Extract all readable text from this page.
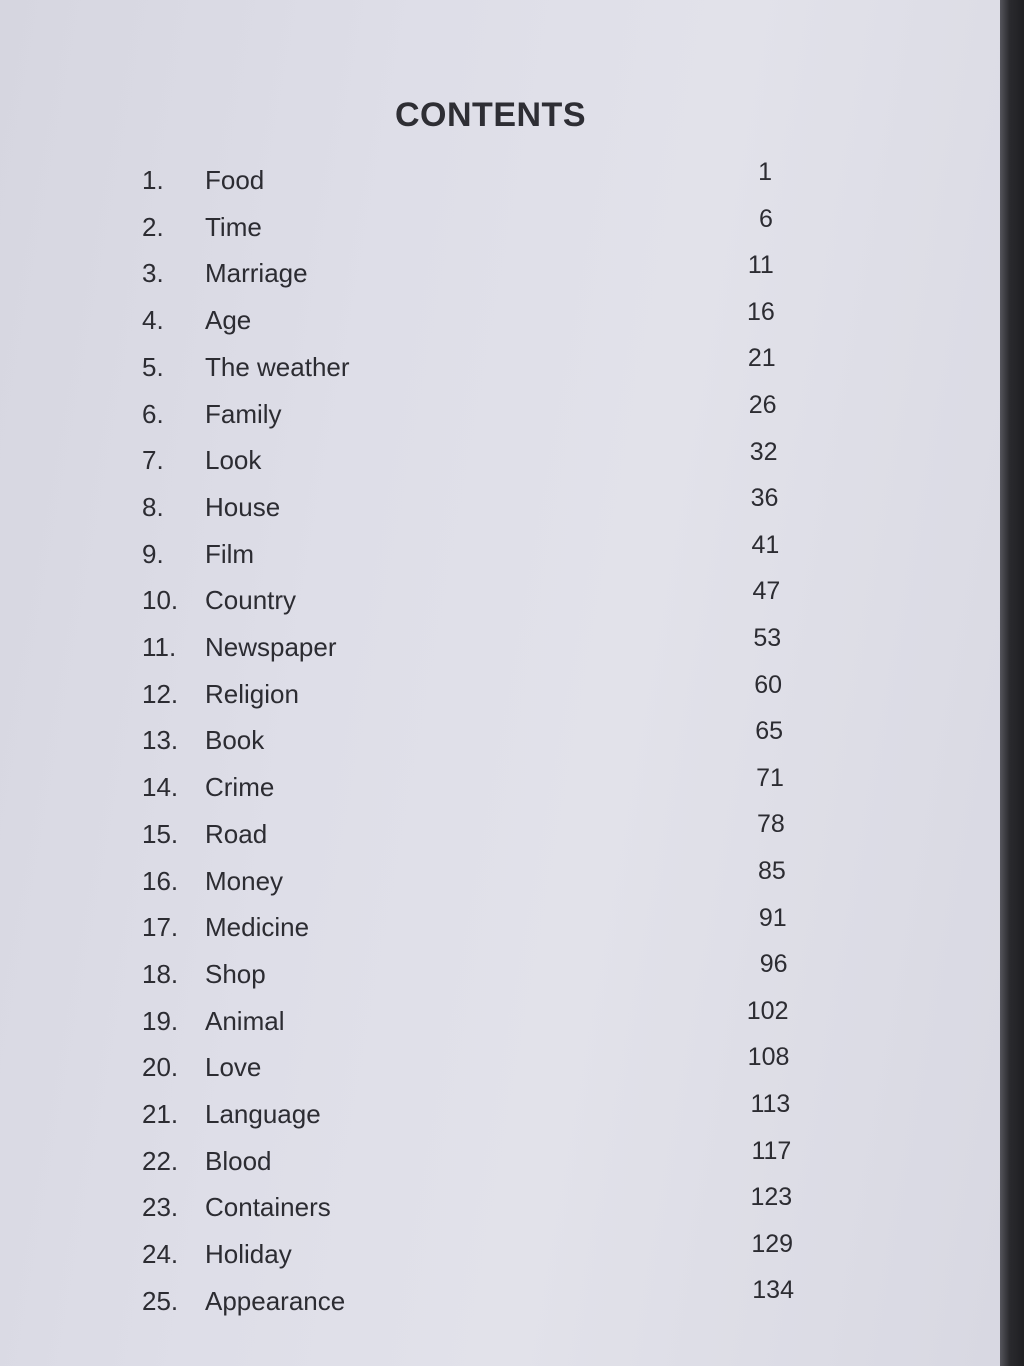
CONTENTS
1. Food	1
2. Time	6
3. Marriage	11
4. Age	16
5. The weather	21
6. Family	26
7. Look	32
8. House	36
9. Film	41
10. Country	47
11. Newspaper	53
12. Religion	60
13. Book	65
14. Crime	71
15. Road	78
16. Money	85
17. Medicine	91
18. Shop	96
19. Animal	102
20. Love	108
21. Language	113
22. Blood	117
23. Containers	123
24. Holiday	129
25. Appearance	134
